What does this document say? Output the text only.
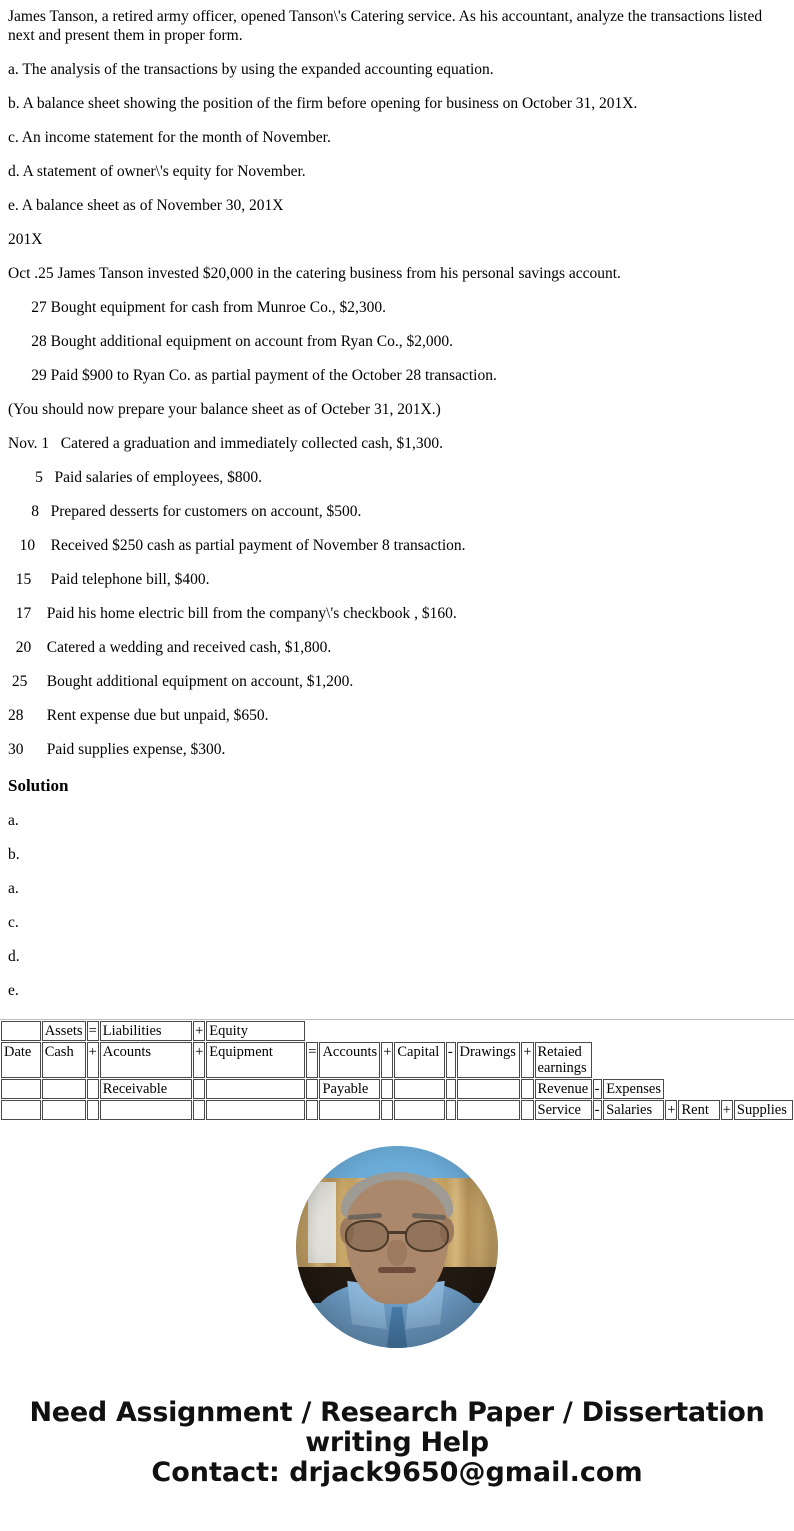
James Tanson, a retired army officer, opened Tanson\'s Catering service. As his accountant, analyze the transactions listed next and present them in proper form.

a. The analysis of the transactions by using the expanded accounting equation.

b. A balance sheet showing the position of the firm before opening for business on October 31, 201X.

c. An income statement for the month of November.

d. A statement of owner\'s equity for November.

e. A balance sheet as of November 30, 201X

201X

Oct .25 James Tanson invested $20,000 in the catering business from his personal savings account.

27 Bought equipment for cash from Munroe Co., $2,300.

28 Bought additional equipment on account from Ryan Co., $2,000.

29 Paid $900 to Ryan Co. as partial payment of the October 28 transaction.

(You should now prepare your balance sheet as of Octeber 31, 201X.)

Nov. 1   Catered a graduation and immediately collected cash, $1,300.

5   Paid salaries of employees, $800.

8   Prepared desserts for customers on account, $500.

10    Received $250 cash as partial payment of November 8 transaction.

15     Paid telephone bill, $400.

17    Paid his home electric bill from the company\'s checkbook , $160.

20    Catered a wedding and received cash, $1,800.

25     Bought additional equipment on account, $1,200.

28      Rent expense due but unpaid, $650.

30      Paid supplies expense, $300.

Solution

a.

b.

a.

c.

d.

e.

	Assets	=	Liabilities	+	Equity														
Date	Cash	+	Acounts	+	Equipment	=	Accounts	+	Capital	-	Drawings	+	Retaied earnings						
			Receivable				Payable						Revenue	-	Expenses				
													Service	-	Salaries	+	Rent	+	Supplies
Need Assignment / Research Paper / Dissertation writing Help
Contact: drjack9650@gmail.com
